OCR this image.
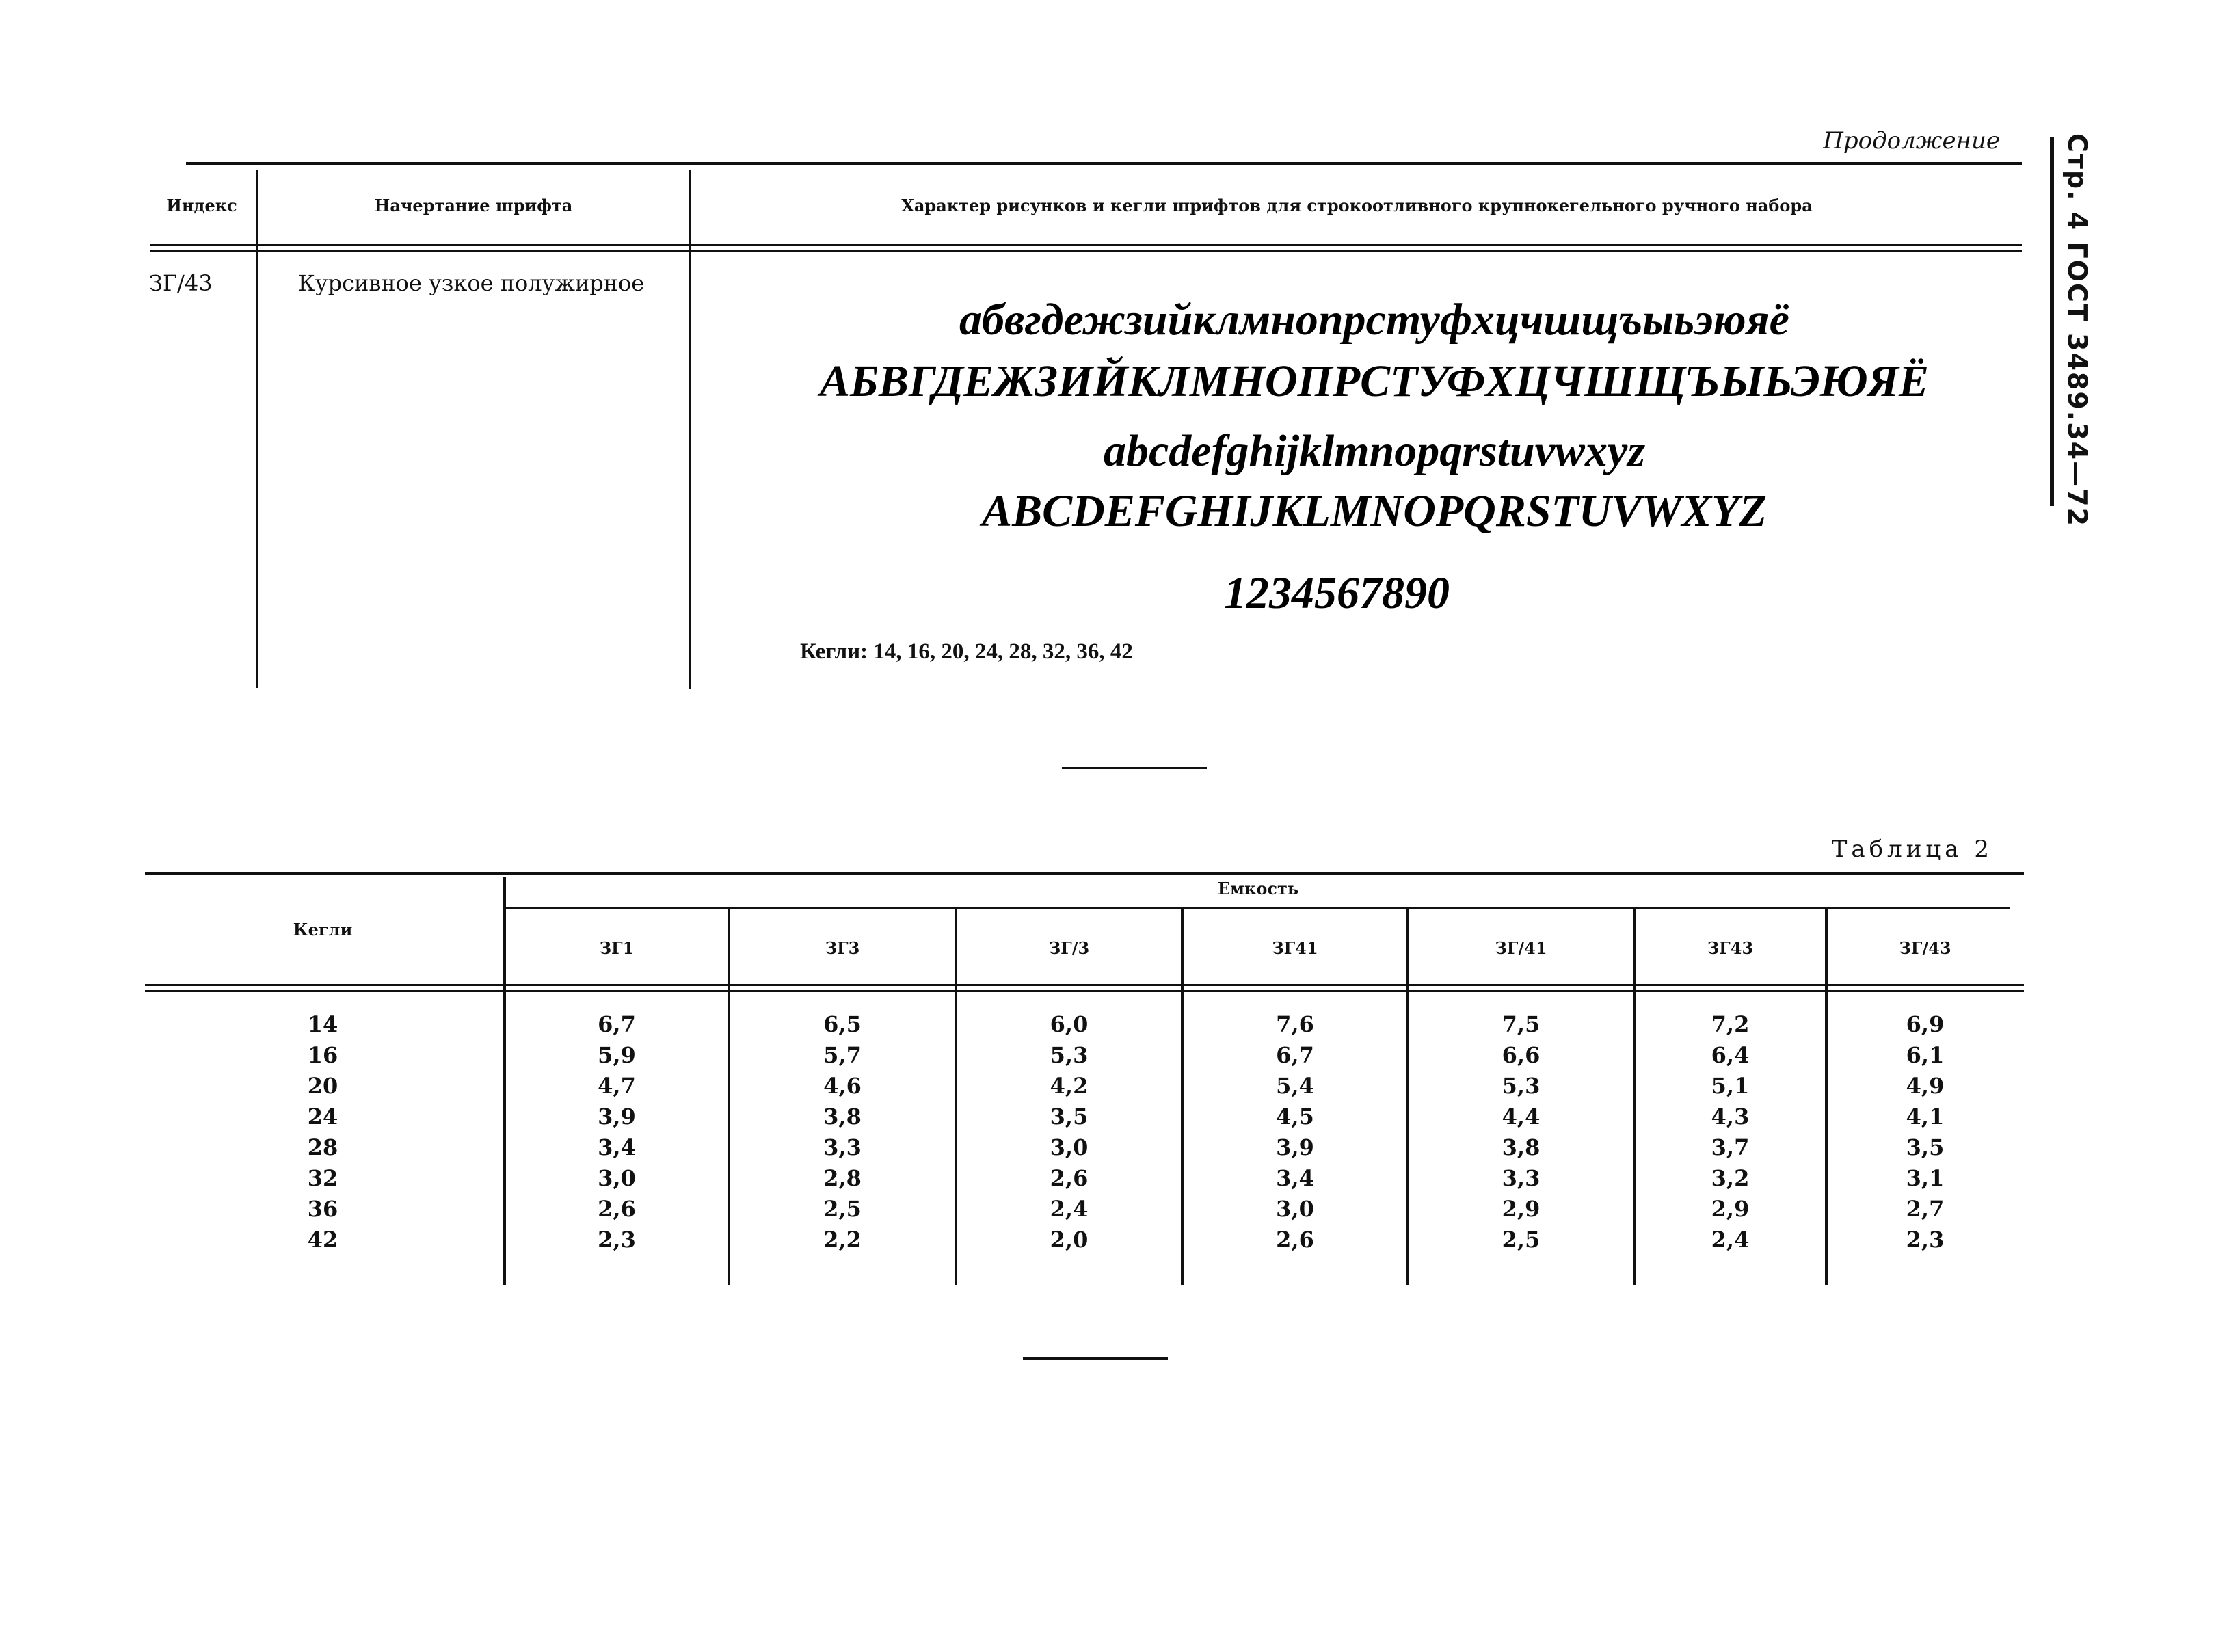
Продолжение
Индекс	Начертание шрифта	Характер рисунков и кегли шрифтов для строкоотливного крупнокегельного ручного набора
ЗГ/43	Курсивное узкое полужирное
абвгдежзийклмнопрстуфхцчшщъыьэюяё
АБВГДЕЖЗИЙКЛМНОПРСТУФХЦЧШЩЪЫЬЭЮЯЁ
abcdefghijklmnopqrstuvwxyz
ABCDEFGHIJKLMNOPQRSTUVWXYZ
1234567890
Кегли: 14, 16, 20, 24, 28, 32, 36, 42
Стр. 4 ГОСТ 3489.34—72
Таблица 2
Кегли
Емкость
ЗГ1	ЗГ3	ЗГ/3	ЗГ41	ЗГ/41	ЗГ43	ЗГ/43
14	6,7	6,5	6,0	7,6	7,5	7,2	6,9
16	5,9	5,7	5,3	6,7	6,6	6,4	6,1
20	4,7	4,6	4,2	5,4	5,3	5,1	4,9
24	3,9	3,8	3,5	4,5	4,4	4,3	4,1
28	3,4	3,3	3,0	3,9	3,8	3,7	3,5
32	3,0	2,8	2,6	3,4	3,3	3,2	3,1
36	2,6	2,5	2,4	3,0	2,9	2,9	2,7
42	2,3	2,2	2,0	2,6	2,5	2,4	2,3
